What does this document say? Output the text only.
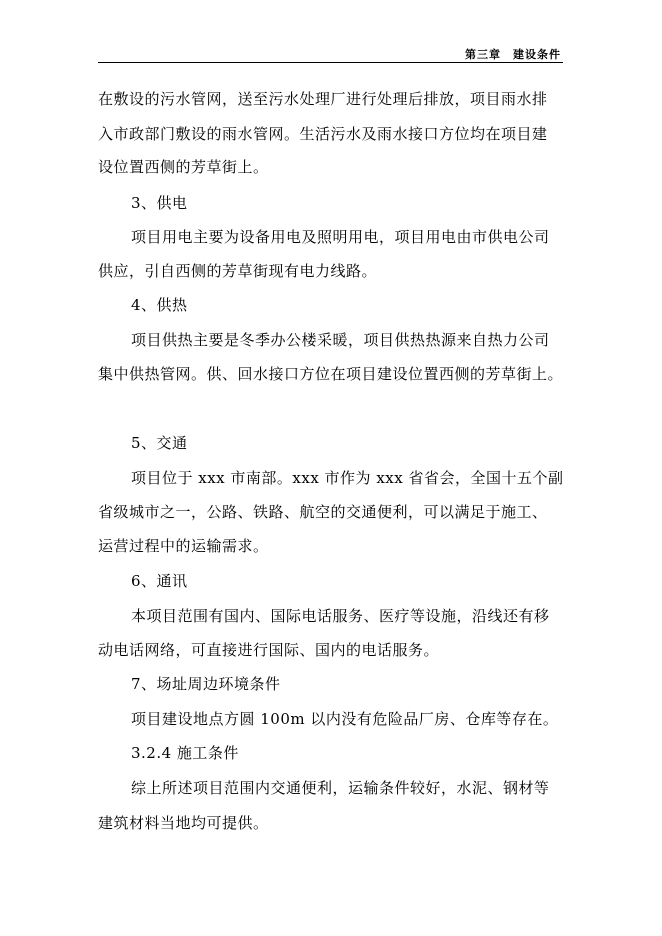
第三章　建设条件
在敷设的污水管网，送至污水处理厂进行处理后排放，项目雨水排
入市政部门敷设的雨水管网。生活污水及雨水接口方位均在项目建
设位置西侧的芳草街上。
3、供电
项目用电主要为设备用电及照明用电，项目用电由市供电公司
供应，引自西侧的芳草街现有电力线路。
4、供热
项目供热主要是冬季办公楼采暖，项目供热热源来自热力公司
集中供热管网。供、回水接口方位在项目建设位置西侧的芳草街上。
5、交通
项目位于 xxx 市南部。xxx 市作为 xxx 省省会，全国十五个副
省级城市之一，公路、铁路、航空的交通便利，可以满足于施工、
运营过程中的运输需求。
6、通讯
本项目范围有国内、国际电话服务、医疗等设施，沿线还有移
动电话网络，可直接进行国际、国内的电话服务。
7、场址周边环境条件
项目建设地点方圆 100m 以内没有危险品厂房、仓库等存在。
3.2.4 施工条件
综上所述项目范围内交通便利，运输条件较好，水泥、钢材等
建筑材料当地均可提供。
